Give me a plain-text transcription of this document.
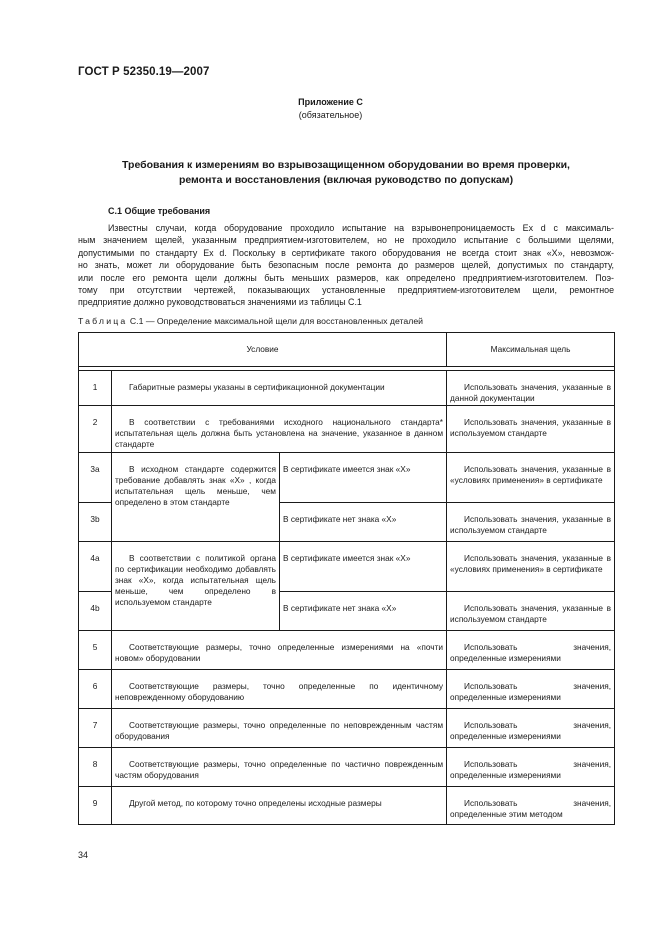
ГОСТ Р 52350.19—2007
Приложение С
(обязательное)
Требования к измерениям во взрывозащищенном оборудовании во время проверки,
ремонта и восстановления (включая руководство по допускам)
С.1 Общие требования
Известны случаи, когда оборудование проходило испытание на взрывонепроницаемость Ex d с максималь-
ным значением щелей, указанным предприятием-изготовителем, но не проходило испытание с большими щелями,
допустимыми по стандарту Ex d. Поскольку в сертификате такого оборудования не всегда стоит знак «Х», невозмож-
но знать, может ли оборудование быть безопасным после ремонта до размеров щелей, допустимых по стандарту,
или после его ремонта щели должны быть меньших размеров, как определено предприятием-изготовителем. Поэ-
тому при отсутствии чертежей, показывающих установленные предприятием-изготовителем щели, ремонтное
предприятие должно руководствоваться значениями из таблицы С.1
Таблица С.1 — Определение максимальной щели для восстановленных деталей
Условие			Максимальная щель

1	Габаритные размеры указаны в сертификационной документации		Использовать значения, указанные в данной документации
2	В соответствии с требованиями исходного национального стандарта* испытательная щель должна быть установлена на значение, указанное в данном стандарте		Использовать значения, указанные в используемом стандарте
3a	В исходном стандарте содержится требование добавлять знак «Х» , когда испытательная щель меньше, чем определено в этом стандарте	В сертификате имеется знак «Х»	Использовать значения, указанные в «условиях применения» в сертификате
3b		В сертификате нет знака «Х»	Использовать значения, указанные в используемом стандарте
4a	В соответствии с политикой органа по сертификации необходимо добавлять знак «Х», когда испытательная щель меньше, чем определено в используемом стандарте	В сертификате имеется знак «Х»	Использовать значения, указанные в «условиях применения» в сертификате
4b		В сертификате нет знака «Х»	Использовать значения, указанные в используемом стандарте
5	Соответствующие размеры, точно определенные измерениями на «почти новом» оборудовании		Использовать значения, определенные измерениями
6	Соответствующие размеры, точно определенные по идентичному неповрежденному оборудованию		Использовать значения, определенные измерениями
7	Соответствующие размеры, точно определенные по неповрежденным частям оборудования		Использовать значения, определенные измерениями
8	Соответствующие размеры, точно определенные по частично поврежденным частям оборудования		Использовать значения, определенные измерениями
9	Другой метод, по которому точно определены исходные размеры		Использовать значения, определенные этим методом
34
